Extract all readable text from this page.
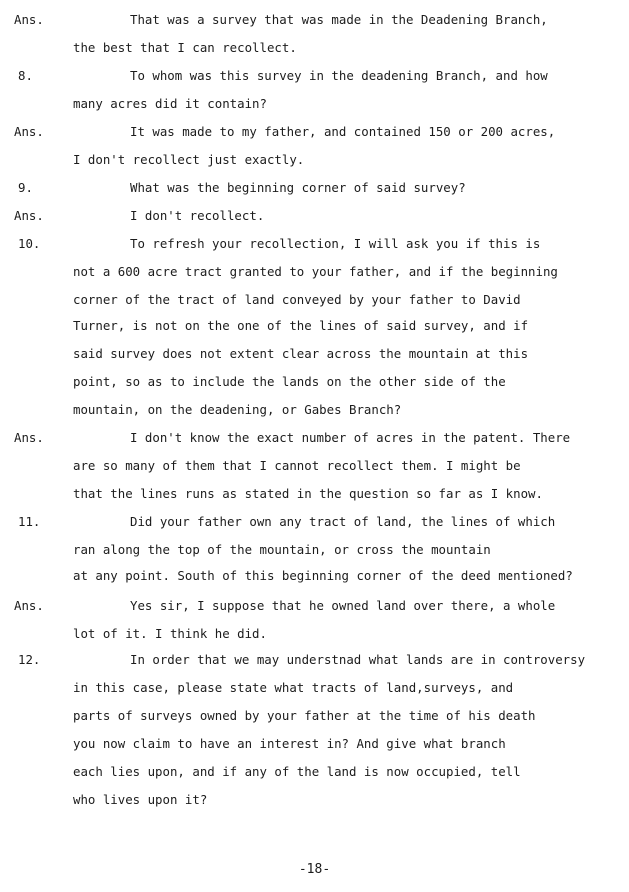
Ans.	That was a survey that was made in the Deadening Branch,
the best that I can recollect.
8.	To whom was this survey in the deadening Branch, and how
many acres did it contain?
Ans.	It was made to my father, and contained 150 or 200 acres,
I don't recollect just exactly.
9.	What was the beginning corner of said survey?
Ans.	I don't recollect.
10.	To refresh your recollection, I will ask you if this is
not a 600 acre tract granted to your father, and if the beginning
corner of the tract of land conveyed by your father to David
Turner, is not on the one of the lines of said survey, and if
said survey does not extent clear across the mountain at this
point, so as to include the lands on the other side of the
mountain, on the deadening, or Gabes Branch?
Ans.	I don't know the exact number of acres in the patent. There
are so many of them that I cannot recollect them. I might be
that the lines runs as stated in the question so far as I know.
11.	Did your father own any tract of land, the lines of which
ran along the top of the mountain, or cross the mountain
at any point. South of this beginning corner of the deed mentioned?
Ans.	Yes sir, I suppose that he owned land over there, a whole
lot of it. I think he did.
12.	In order that we may understnad what lands are in controversy
in this case, please state what tracts of land,surveys, and
parts of surveys owned by your father at the time of his death
you now claim to have an interest in? And give what branch
each lies upon, and if any of the land is now occupied, tell
who lives upon it?
-18-
